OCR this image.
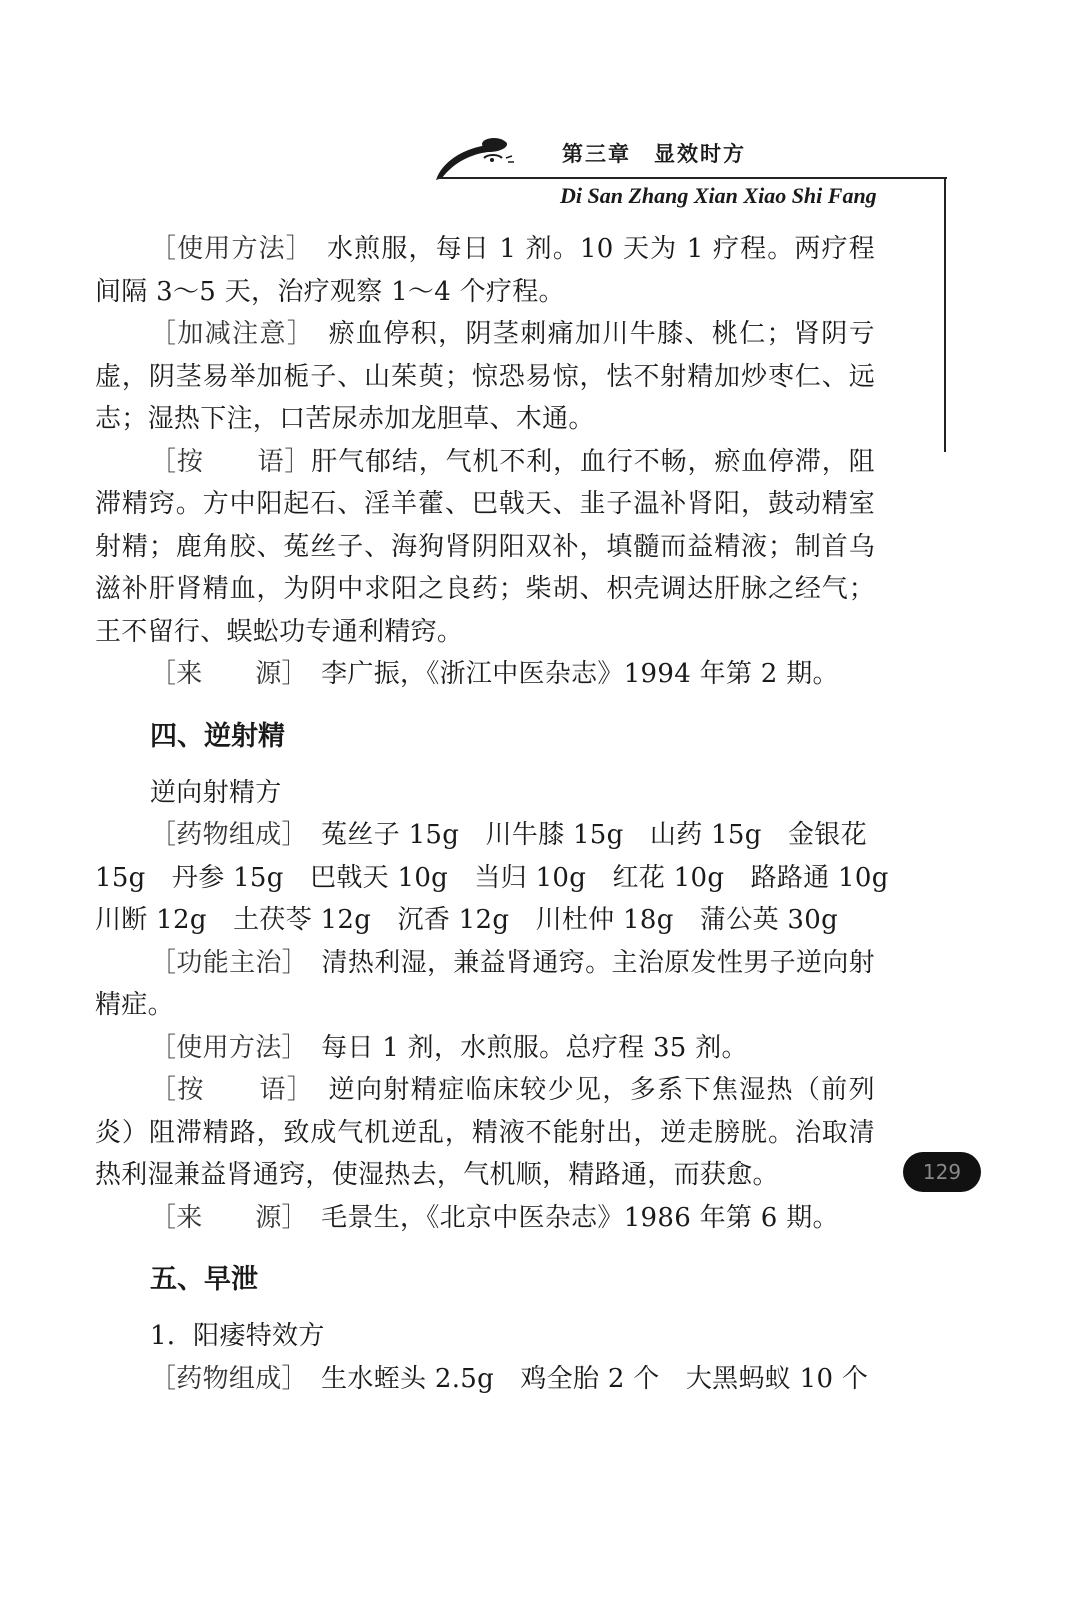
第三章　显效时方
Di San Zhang Xian Xiao Shi Fang

［使用方法］　水煎服，每日 1 剂。10 天为 1 疗程。两疗程间隔 3～5 天，治疗观察 1～4 个疗程。

［加减注意］　瘀血停积，阴茎刺痛加川牛膝、桃仁；肾阴亏虚，阴茎易举加栀子、山茱萸；惊恐易惊，怯不射精加炒枣仁、远志；湿热下注，口苦尿赤加龙胆草、木通。

［按　　语］肝气郁结，气机不利，血行不畅，瘀血停滞，阻滞精窍。方中阳起石、淫羊藿、巴戟天、韭子温补肾阳，鼓动精室射精；鹿角胶、菟丝子、海狗肾阴阳双补，填髓而益精液；制首乌滋补肝肾精血，为阴中求阳之良药；柴胡、枳壳调达肝脉之经气；王不留行、蜈蚣功专通利精窍。

［来　　源］　李广振，《浙江中医杂志》1994 年第 2 期。

四、逆射精

逆向射精方

［药物组成］　菟丝子 15g　川牛膝 15g　山药 15g　金银花

15g　丹参 15g　巴戟天 10g　当归 10g　红花 10g　路路通 10g

川断 12g　土茯苓 12g　沉香 12g　川杜仲 18g　蒲公英 30g

［功能主治］　清热利湿，兼益肾通窍。主治原发性男子逆向射精症。

［使用方法］　每日 1 剂，水煎服。总疗程 35 剂。

［按　　语］　逆向射精症临床较少见，多系下焦湿热（前列炎）阻滞精路，致成气机逆乱，精液不能射出，逆走膀胱。治取清热利湿兼益肾通窍，使湿热去，气机顺，精路通，而获愈。

［来　　源］　毛景生，《北京中医杂志》1986 年第 6 期。

五、早泄

1．阳痿特效方

［药物组成］　生水蛭头 2.5g　鸡全胎 2 个　大黑蚂蚁 10 个

129
